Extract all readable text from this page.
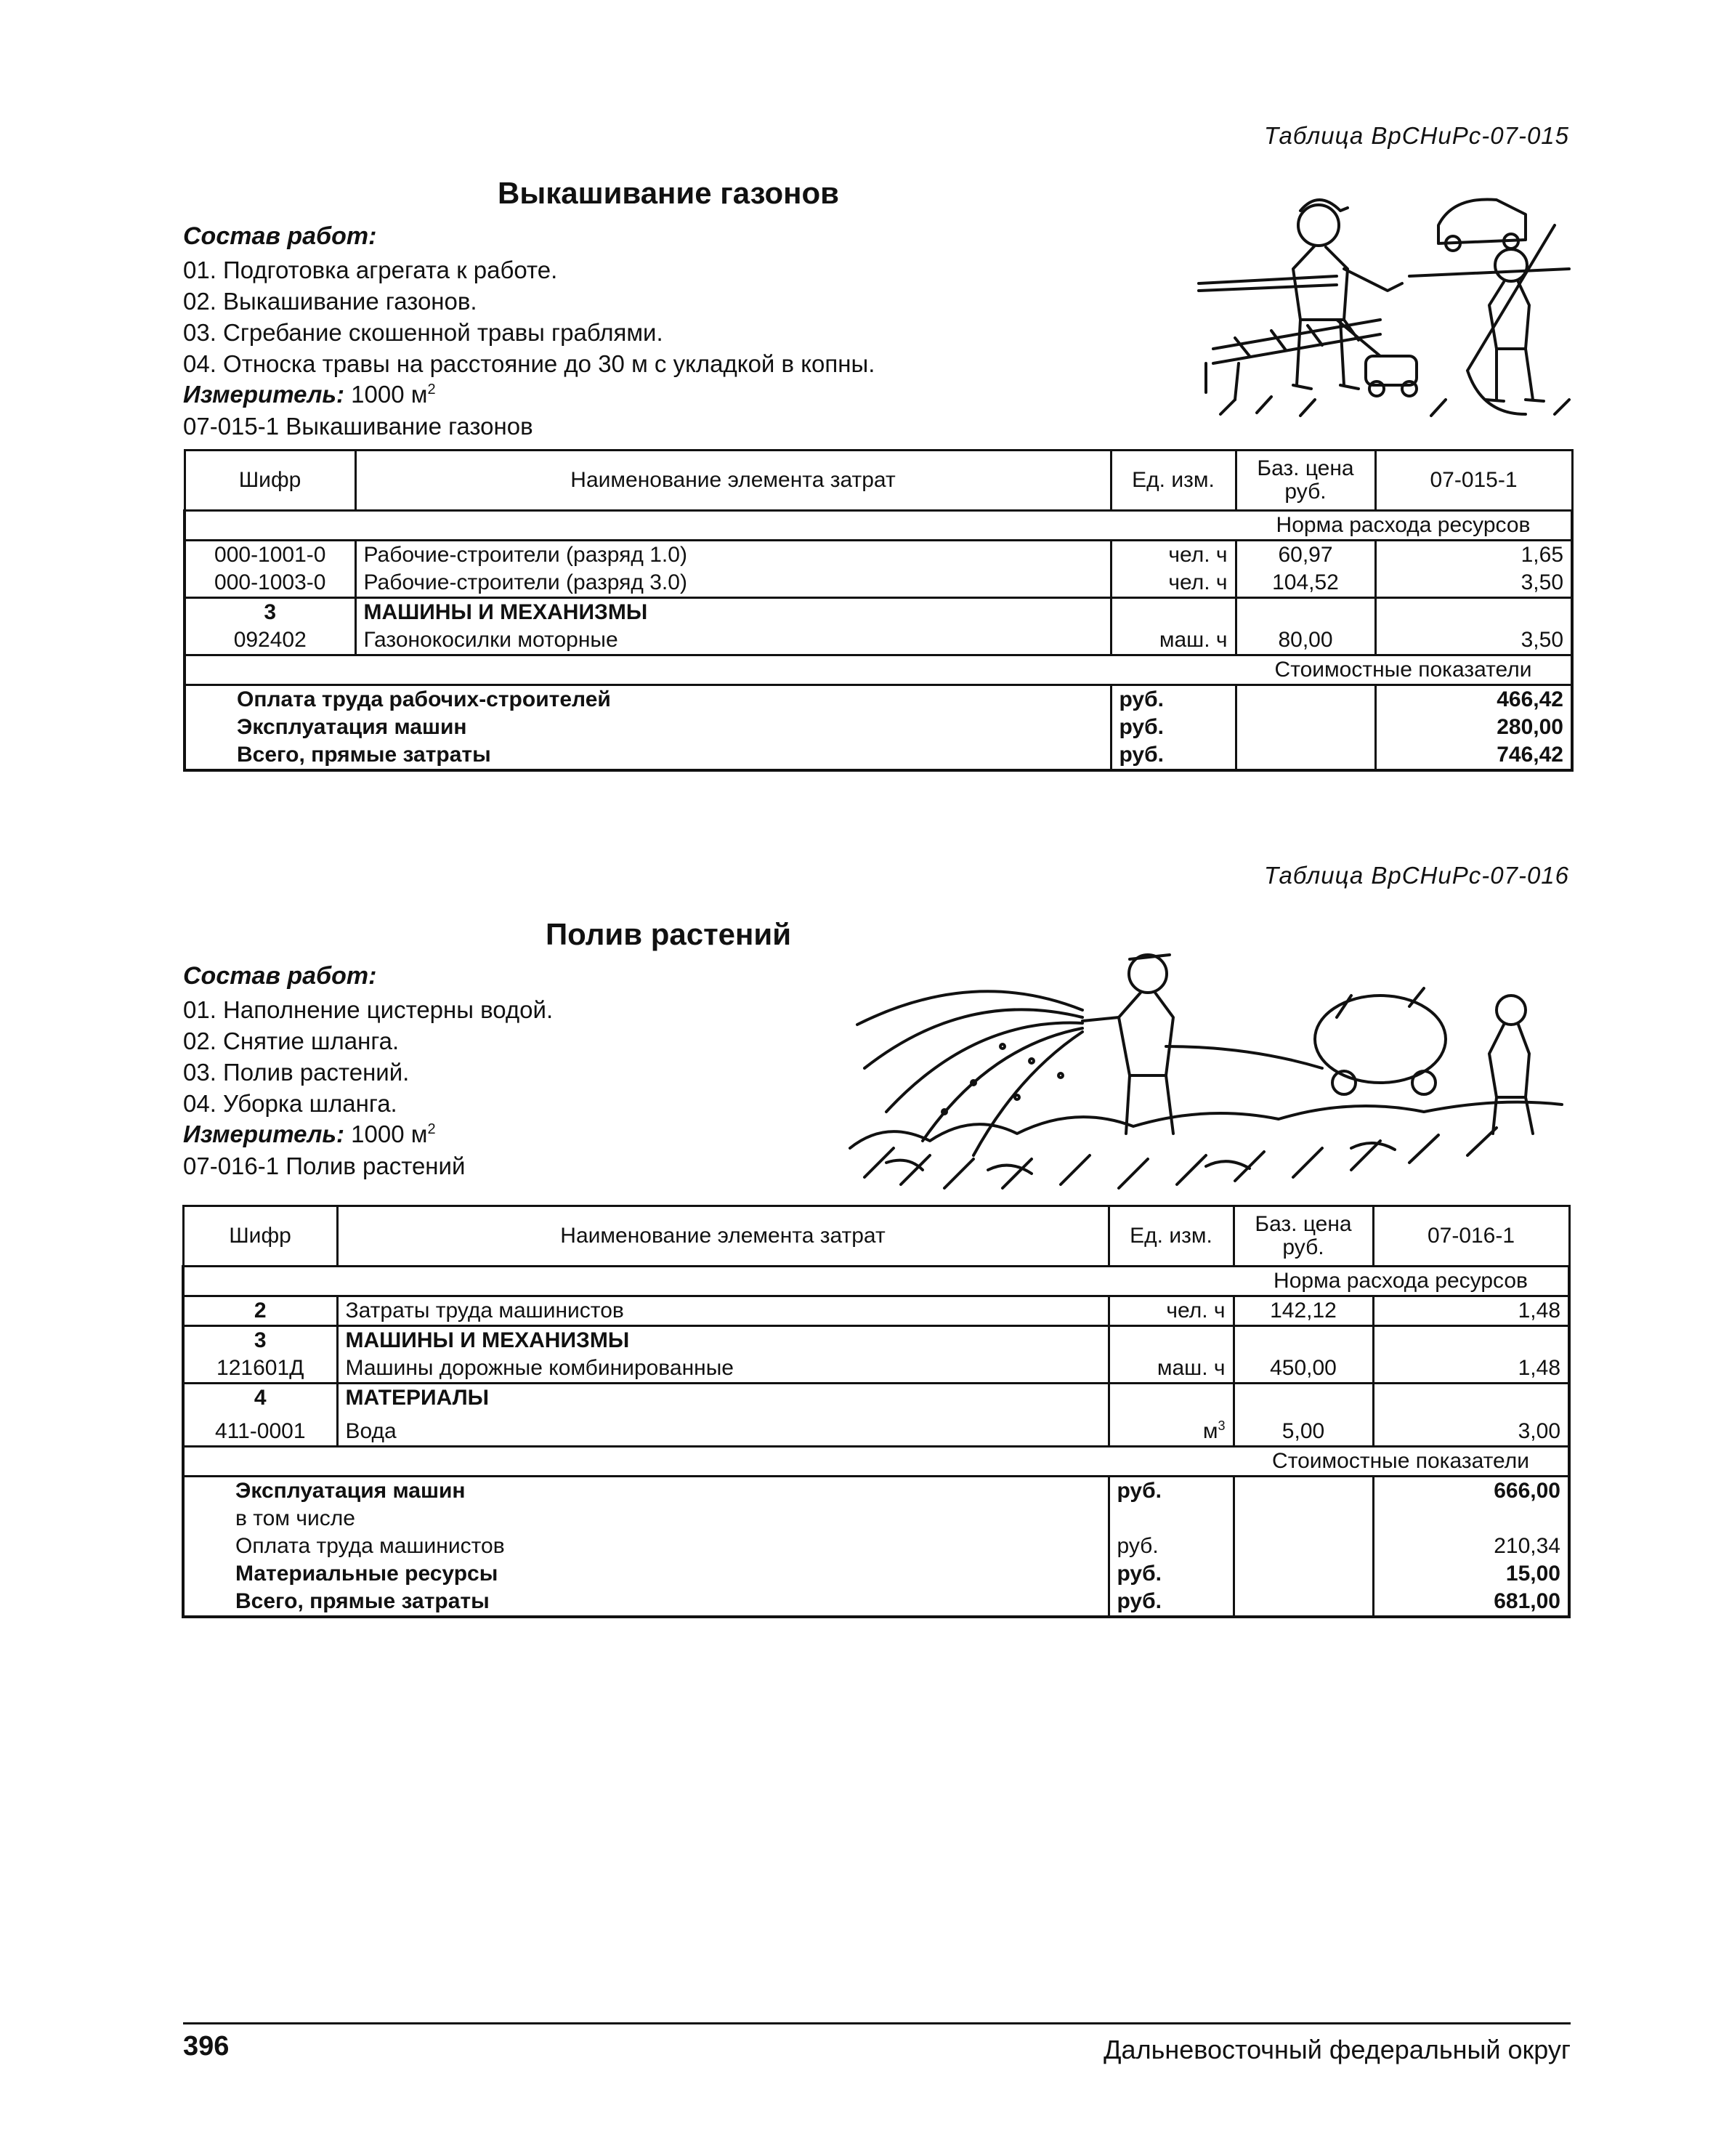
Таблица ВрСНиРс-07-015
Выкашивание газонов
Состав работ:
01. Подготовка агрегата к работе.
02. Выкашивание газонов.
03. Сгребание скошенной травы граблями.
04. Относка травы на расстояние до 30 м с укладкой в копны.
Измеритель: 1000 $м^2$
07-015-1 Выкашивание газонов
Шифр	Наименование элемента затрат	Ед. изм.	Баз. цена руб.	07-015-1
			Норма расхода ресурсов	
000-1001-0	Рабочие-строители (разряд 1.0)	чел. ч	60,97	1,65
000-1003-0	Рабочие-строители (разряд 3.0)	чел. ч	104,52	3,50
3	МАШИНЫ И МЕХАНИЗМЫ			
092402	Газонокосилки моторные	маш. ч	80,00	3,50
			Стоимостные показатели	
Оплата труда рабочих-строителей		руб.		466,42
Эксплуатация машин		руб.		280,00
Всего, прямые затраты		руб.		746,42
Таблица ВрСНиРс-07-016
Полив растений
Состав работ:
01. Наполнение цистерны водой.
02. Снятие шланга.
03. Полив растений.
04. Уборка шланга.
Измеритель: 1000 $м^2$
07-016-1 Полив растений
Шифр	Наименование элемента затрат	Ед. изм.	Баз. цена руб.	07-016-1
			Норма расхода ресурсов	
2	Затраты труда машинистов	чел. ч	142,12	1,48
3	МАШИНЫ И МЕХАНИЗМЫ			
121601Д	Машины дорожные комбинированные	маш. ч	450,00	1,48
4	МАТЕРИАЛЫ			
411-0001	Вода	$м^3$	5,00	3,00
			Стоимостные показатели	
Эксплуатация машин		руб.		666,00
в том числе				
Оплата труда машинистов		руб.		210,34
Материальные ресурсы		руб.		15,00
Всего, прямые затраты		руб.		681,00
396	Дальневосточный федеральный округ
